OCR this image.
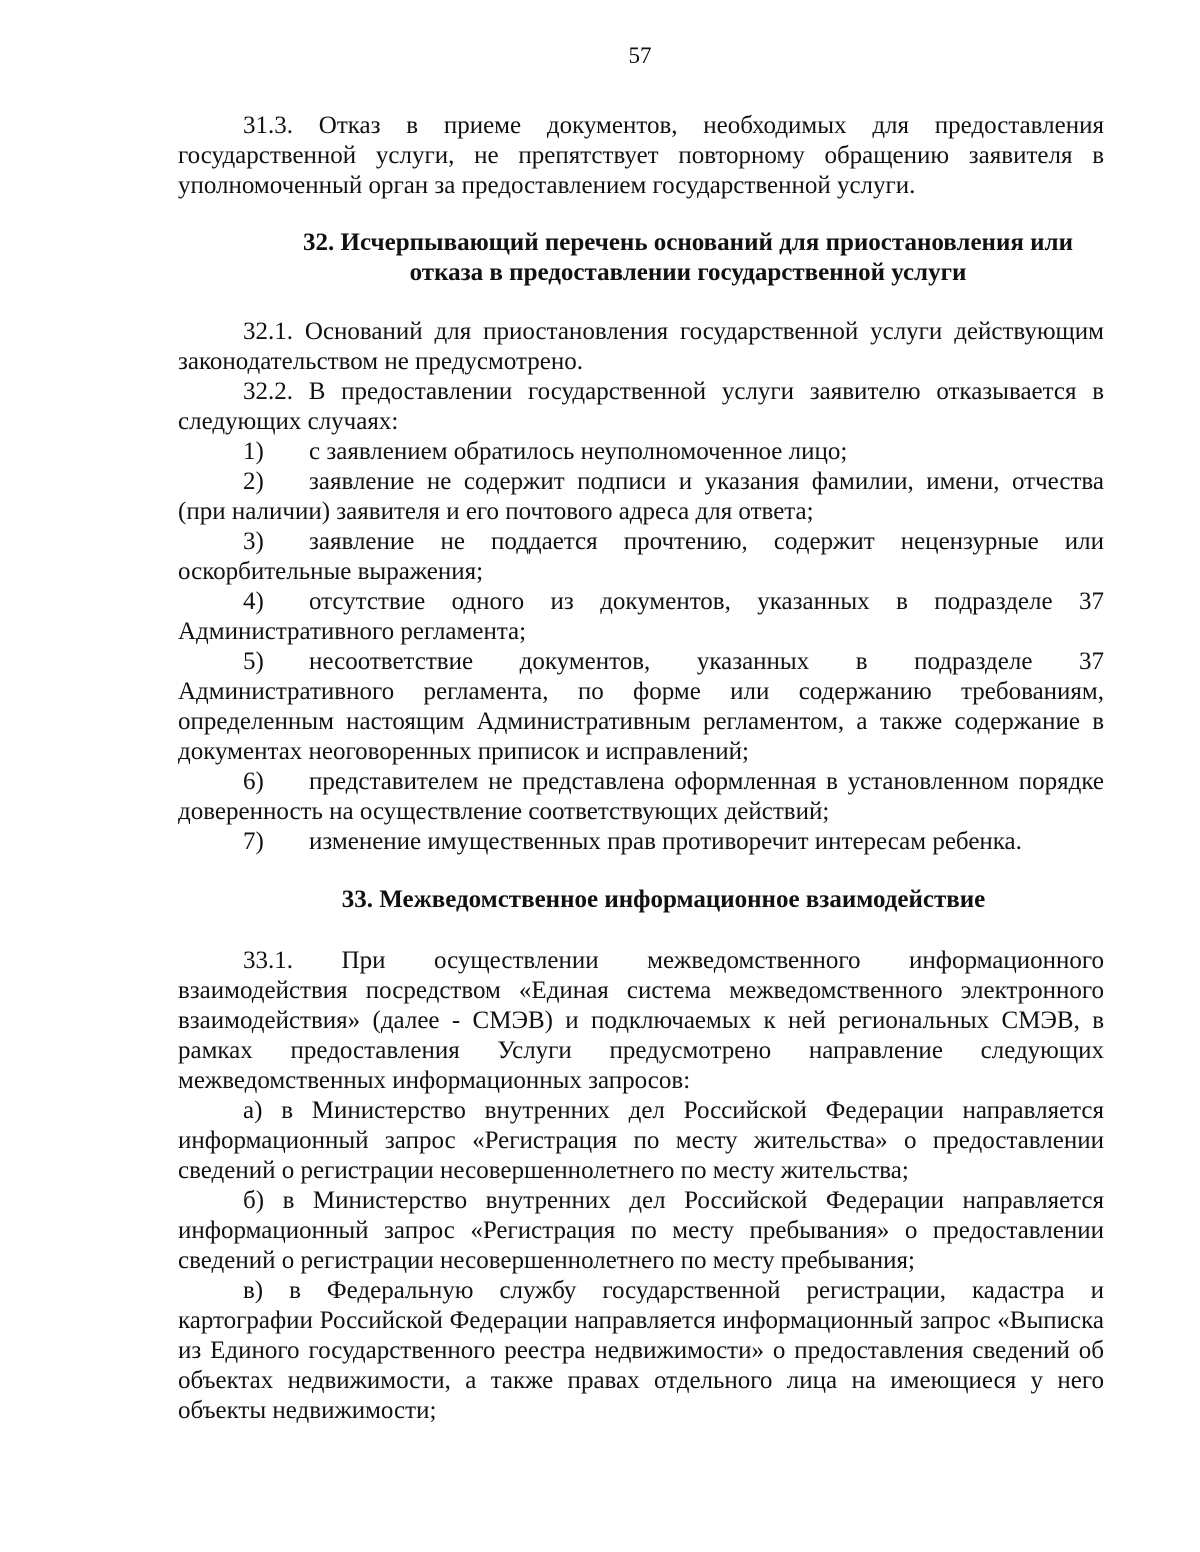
57

31.3. Отказ в приеме документов, необходимых для предоставления государственной услуги, не препятствует повторному обращению заявителя в уполномоченный орган за предоставлением государственной услуги.

32. Исчерпывающий перечень оснований для приостановления или
отказа в предоставлении государственной услуги

32.1. Оснований для приостановления государственной услуги действующим законодательством не предусмотрено.

32.2. В предоставлении государственной услуги заявителю отказывается в следующих случаях:

1) с заявлением обратилось неуполномоченное лицо;

2) заявление не содержит подписи и указания фамилии, имени, отчества (при наличии) заявителя и его почтового адреса для ответа;

3) заявление не поддается прочтению, содержит нецензурные или оскорбительные выражения;

4) отсутствие одного из документов, указанных в подразделе 37 Административного регламента;

5) несоответствие документов, указанных в подразделе 37 Административного регламента, по форме или содержанию требованиям, определенным настоящим Административным регламентом, а также содержание в документах неоговоренных приписок и исправлений;

6) представителем не представлена оформленная в установленном порядке доверенность на осуществление соответствующих действий;

7) изменение имущественных прав противоречит интересам ребенка.

33. Межведомственное информационное взаимодействие

33.1. При осуществлении межведомственного информационного взаимодействия посредством «Единая система межведомственного электронного взаимодействия» (далее - СМЭВ) и подключаемых к ней региональных СМЭВ, в рамках предоставления Услуги предусмотрено направление следующих межведомственных информационных запросов:

а) в Министерство внутренних дел Российской Федерации направляется информационный запрос «Регистрация по месту жительства» о предоставлении сведений о регистрации несовершеннолетнего по месту жительства;

б) в Министерство внутренних дел Российской Федерации направляется информационный запрос «Регистрация по месту пребывания» о предоставлении сведений о регистрации несовершеннолетнего по месту пребывания;

в) в Федеральную службу государственной регистрации, кадастра и картографии Российской Федерации направляется информационный запрос «Выписка из Единого государственного реестра недвижимости» о предоставления сведений об объектах недвижимости, а также правах отдельного лица на имеющиеся у него объекты недвижимости;
